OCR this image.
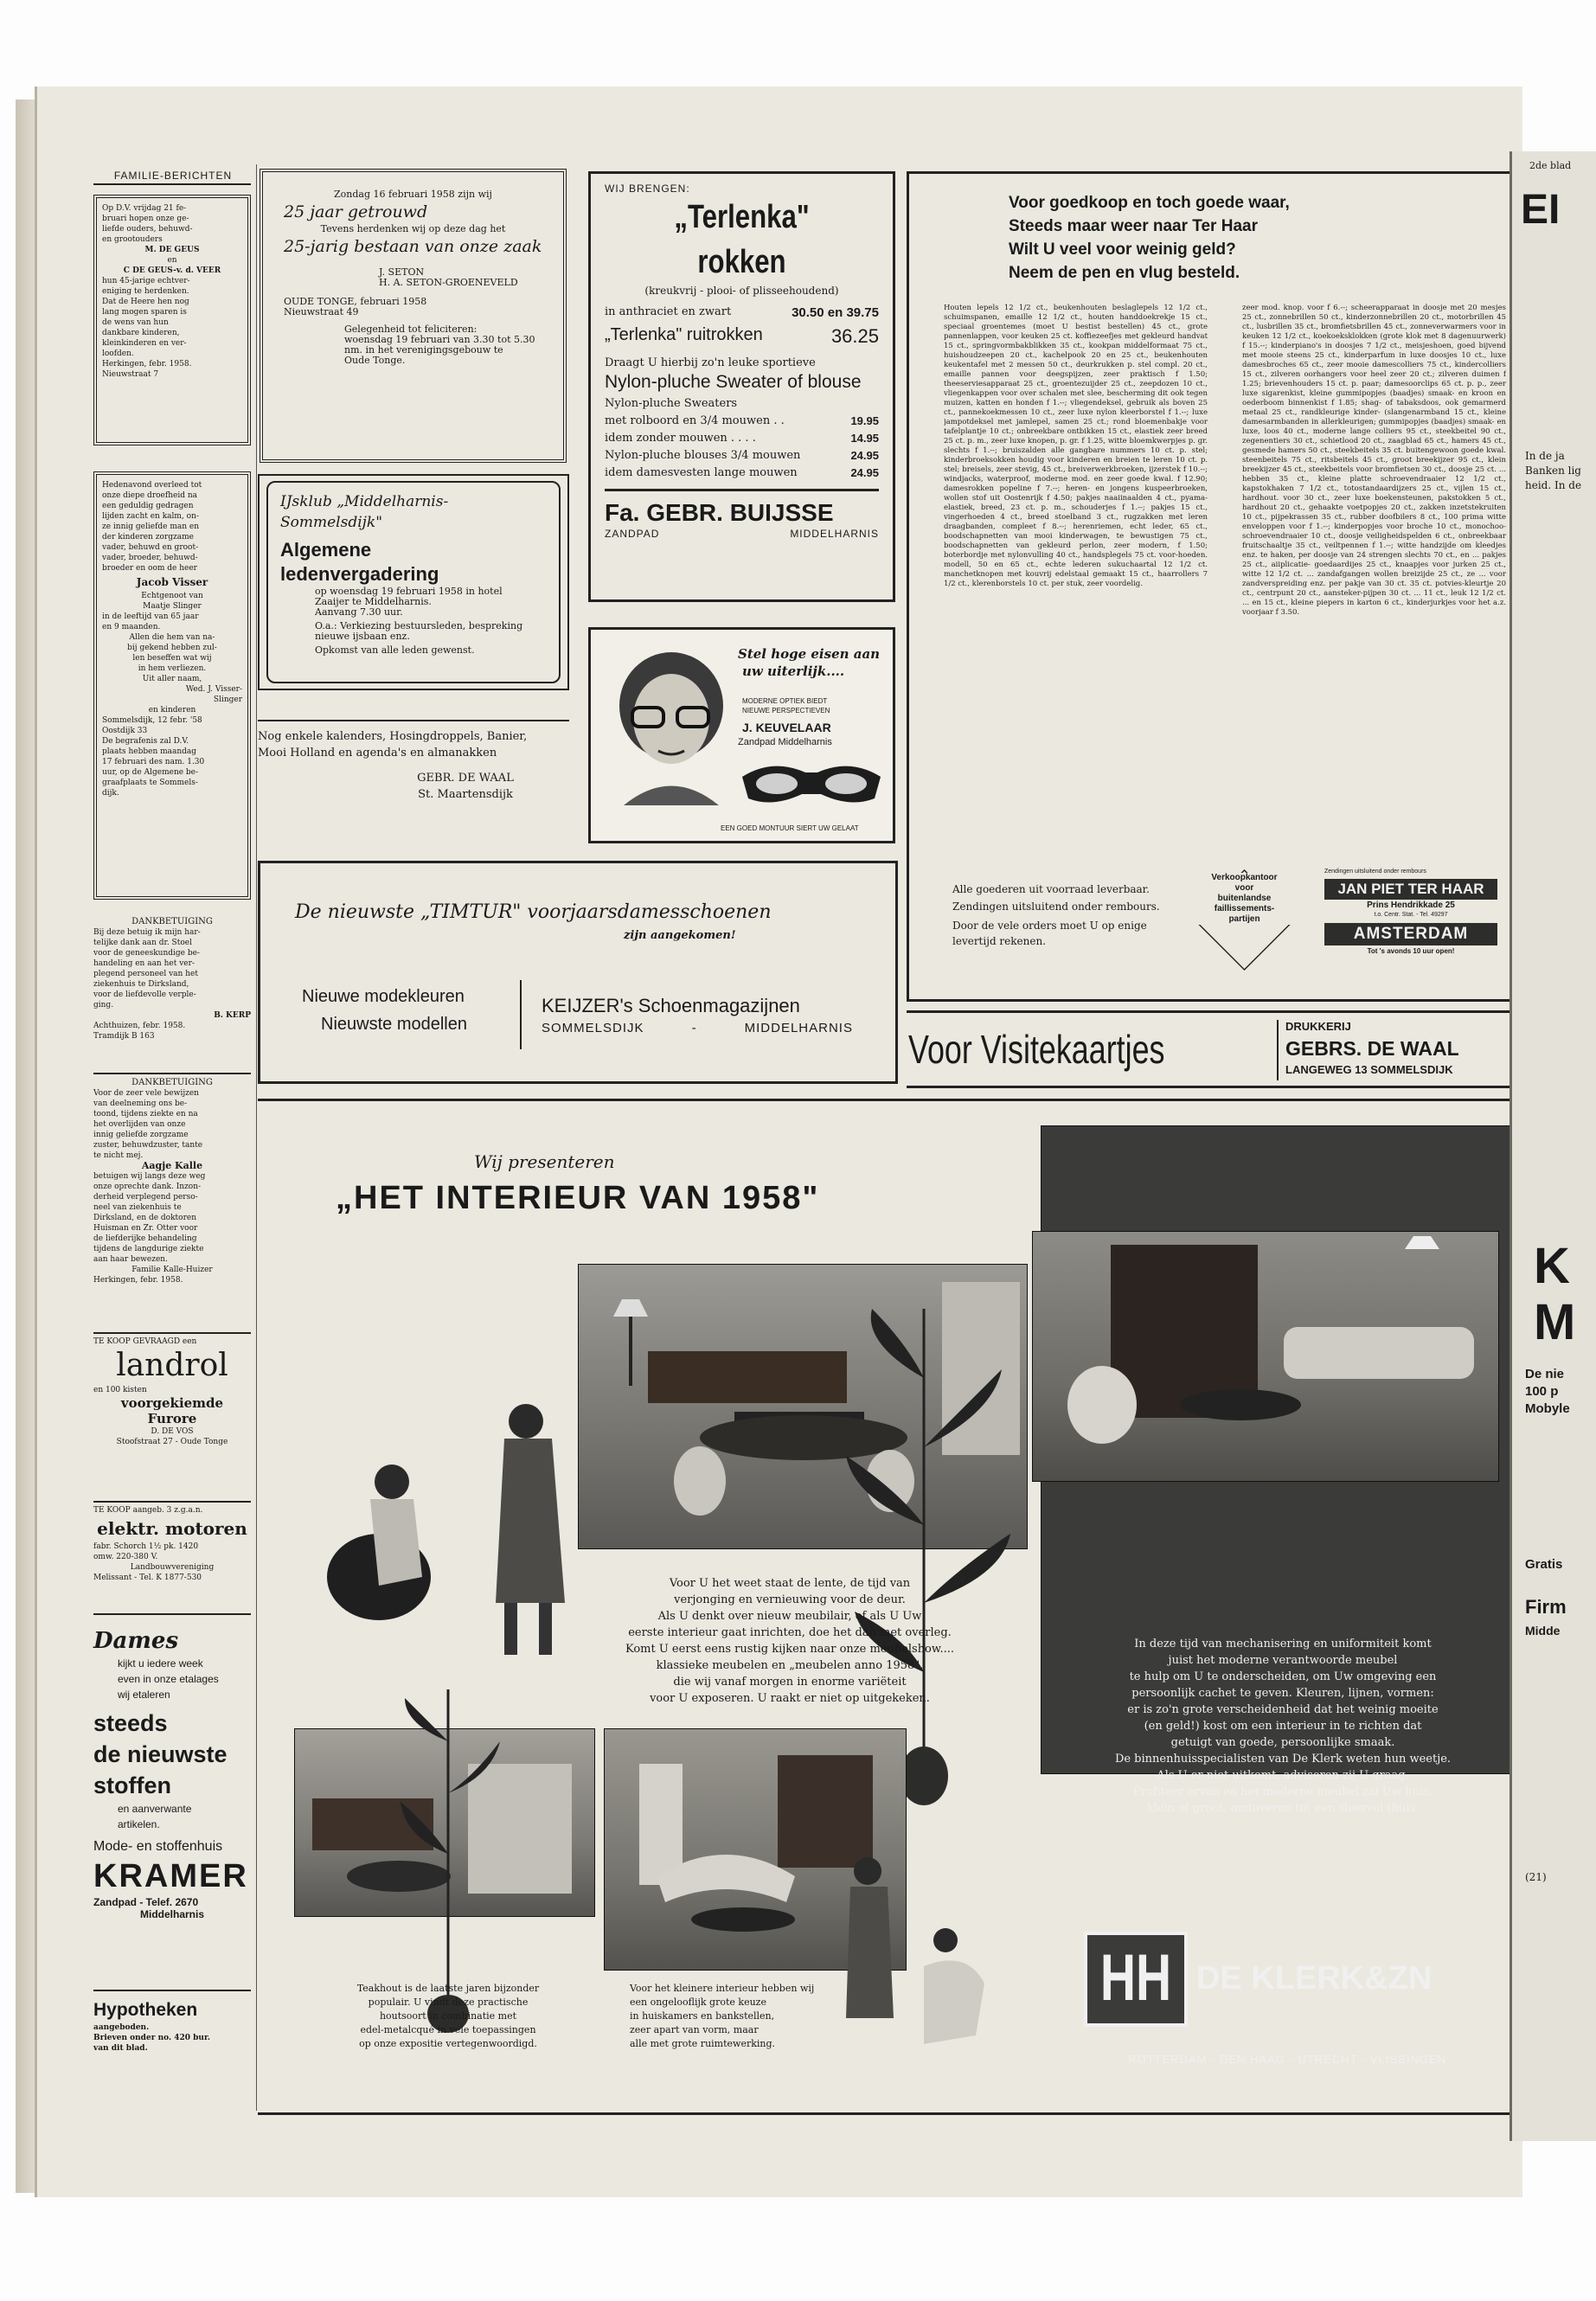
FAMILIE-BERICHTEN
Op D.V. vrijdag 21 fe-
bruari hopen onze ge-
liefde ouders, behuwd-
en grootouders
M. DE GEUS
en
C DE GEUS-v. d. VEER
hun 45-jarige echtver-
eniging te herdenken.
Dat de Heere hen nog
lang mogen sparen is
de wens van hun
dankbare kinderen,
kleinkinderen en ver-
loofden.
Herkingen, febr. 1958.
Nieuwstraat 7
Hedenavond overleed tot
onze diepe droefheid na
een geduldig gedragen
lijden zacht en kalm, on-
ze innig geliefde man en
der kinderen zorgzame
vader, behuwd en groot-
vader, broeder, behuwd-
broeder en oom de heer
Jacob Visser
Echtgenoot van
Maatje Slinger
in de leeftijd van 65 jaar
en 9 maanden.
Allen die hem van na-
bij gekend hebben zul-
len beseffen wat wij
in hem verliezen.
Uit aller naam,
Wed. J. Visser-
Slinger
en kinderen
Sommelsdijk, 12 febr. '58
Oostdijk 33
De begrafenis zal D.V.
plaats hebben maandag
17 februari des nam. 1.30
uur, op de Algemene be-
graafplaats te Sommels-
dijk.
DANKBETUIGING
Bij deze betuig ik mijn har-
telijke dank aan dr. Stoel
voor de geneeskundige be-
handeling en aan het ver-
plegend personeel van het
ziekenhuis te Dirksland,
voor de liefdevolle verple-
ging.
B. KERP
Achthuizen, febr. 1958.
Tramdijk B 163
DANKBETUIGING
Voor de zeer vele bewijzen
van deelneming ons be-
toond, tijdens ziekte en na
het overlijden van onze
innig geliefde zorgzame
zuster, behuwdzuster, tante
te nicht mej.
Aagje Kalle
betuigen wij langs deze weg
onze oprechte dank. Inzon-
derheid verplegend perso-
neel van ziekenhuis te
Dirksland, en de doktoren
Huisman en Zr. Otter voor
de liefderijke behandeling
tijdens de langdurige ziekte
aan haar bewezen.
Familie Kalle-Huizer
Herkingen, febr. 1958.
TE KOOP GEVRAAGD een
landrol
en 100 kisten
voorgekiemde
Furore
D. DE VOS
Stoofstraat 27 - Oude Tonge
TE KOOP aangeb. 3 z.g.a.n.
elektr. motoren
fabr. Schorch 1½ pk. 1420
omw. 220-380 V.
Landbouwvereniging
Melissant - Tel. K 1877-530
Dames
kijkt u iedere week
even in onze etalages
wij etaleren
steeds
de nieuwste
stoffen
en aanverwante
artikelen.
Mode- en stoffenhuis
KRAMER
Zandpad - Telef. 2670
Middelharnis
Hypotheken
aangeboden.
Brieven onder no. 420 bur.
van dit blad.
Zondag 16 februari 1958 zijn wij
25 jaar getrouwd
Tevens herdenken wij op deze dag het
25-jarig bestaan van onze zaak
J. SETON
H. A. SETON-GROENEVELD
OUDE TONGE, februari 1958
Nieuwstraat 49
Gelegenheid tot feliciteren:
woensdag 19 februari van 3.30 tot 5.30
nm. in het verenigingsgebouw te
Oude Tonge.
IJsklub „Middelharnis-Sommelsdijk"
Algemene
ledenvergadering
op woensdag 19 februari 1958 in hotel
Zaaijer te Middelharnis.
Aanvang 7.30 uur.
O.a.: Verkiezing bestuursleden, bespreking
nieuwe ijsbaan enz.
Opkomst van alle leden gewenst.
Nog enkele kalenders, Hosingdroppels, Banier,
Mooi Holland en agenda's en almanakken
GEBR. DE WAAL
St. Maartensdijk
WIJ BRENGEN:
„Terlenka" rokken
(kreukvrij - plooi- of plisseehoudend)
in anthraciet en zwart	30.50 en 39.75
„Terlenka" ruitrokken	36.25
Draagt U hierbij zo'n leuke sportieve
Nylon-pluche Sweater of blouse
Nylon-pluche Sweaters
met rolboord en 3/4 mouwen . .	19.95
idem zonder mouwen . . . .	14.95
Nylon-pluche blouses 3/4 mouwen	24.95
idem damesvesten lange mouwen	24.95
Fa. GEBR. BUIJSSE
ZANDPAD	MIDDELHARNIS
Stel hoge eisen aan
uw uiterlijk....
MODERNE OPTIEK BIEDT
NIEUWE PERSPECTIEVEN
J. KEUVELAAR
Zandpad Middelharnis
EEN GOED MONTUUR SIERT UW GELAAT
Voor goedkoop en toch goede waar,
Steeds maar weer naar Ter Haar
Wilt U veel voor weinig geld?
Neem de pen en vlug besteld.
Houten lepels 12 1/2 ct., beukenhouten beslaglepels 12 1/2 ct., schuimspanen, emaille 12 1/2 ct., houten handdoekrekje 15 ct., speciaal groentemes (moet U bestist bestellen) 45 ct., grote pannenlappen, voor keuken 25 ct. koffiezeefjes met gekleurd handvat 15 ct., springvormbakblikken 35 ct., kookpan middelformaat 75 ct., huishoudzeepen 20 ct., kachelpook 20 en 25 ct., beukenhouten keukentafel met 2 messen 50 ct., deurkrukken p. stel compl. 20 ct., emaille pannen voor deegspijzen, zeer praktisch f 1.50; theeserviesapparaat 25 ct., groentezuijder 25 ct., zeepdozen 10 ct., vliegenkappen voor over schalen met slee, bescherming dit ook tegen muizen, katten en honden f 1.--; vliegendeksel, gebruik als boven 25 ct., pannekoekmessen 10 ct., zeer luxe nylon kleerborstel f 1.--; luxe jampotdeksel met jamlepel, samen 25 ct.; rond bloemenbakje voor tafelplantje 10 ct.; onbreekbare ontbikken 15 ct., elastiek zeer breed 25 ct. p. m., zeer luxe knopen, p. gr. f 1.25, witte bloemkwerpjes p. gr. slechts f 1.--; bruiszalden alle gangbare nummers 10 ct. p. stel; kinderbroeksokken houdig voor kinderen en breien te leren 10 ct. p. stel; breisels, zeer stevig, 45 ct., breiverwerkbroeken, ijzerstek f 10.--; windjacks, waterproof, moderne mod. en zeer goede kwal. f 12.90; damesrokken popeline f 7.--; heren- en jongens kuspeerbroeken, wollen stof uit Oostenrijk f 4.50; pakjes naaiinaalden 4 ct., pyama-elastiek, breed, 23 ct. p. m., schouderjes f 1.--; pakjes 15 ct., vingerhoeden 4 ct., breed stoelband 3 ct., rugzakken met leren draagbanden, compleet f 8.--; herenriemen, echt leder, 65 ct., boodschapnetten van mooi kinderwagen, te bewustigen 75 ct., boodschapnetten van gekleurd perlon, zeer modern, f 1.50; boterbordje met nylonvulling 40 ct., handsplegels 75 ct. voor-hoeden. modell, 50 en 65 ct., echte lederen sukuchaartal 12 1/2 ct. manchetknopen met kouvrij edelstaal gemaakt 15 ct., haarrollers 7 1/2 ct., klerenborstels 10 ct. per stuk, zeer voordelig.
zeer mod. knop. voor f 6.--; scheerapparaat in doosje met 20 mesjes 25 ct., zonnebrillen 50 ct., kinderzonnebrillen 20 ct., motorbrillen 45 ct., lusbrillen 35 ct., bromfietsbrillen 45 ct., zonneverwarmers voor in keuken 12 1/2 ct., koekoeksklokken (grote klok met 8 dagenuurwerk) f 15.--; kinderpiano's in doosjes 7 1/2 ct., meisjeshoen, goed bijvend met mooie steens 25 ct., kinderparfum in luxe doosjes 10 ct., luxe damesbroches 65 ct., zeer mooie damescolliers 75 ct., kindercolliers 15 ct., zilveren oorhangers voor heel zeer 20 ct.; zilveren duimen f 1.25; brievenhouders 15 ct. p. paar; damesoorclips 65 ct. p. p., zeer luxe sigarenkist, kleine gummipopjes (baadjes) smaak- en kroon en oederboom binnenkist f 1.85; shag- of tabaksdoos, ook gemarmerd metaal 25 ct., randkleurige kinder- (slangenarmband 15 ct., kleine damesarmbanden in allerkleurigen; gummipopjes (baadjes) smaak- en luxe, loos 40 ct., moderne lange colliers 95 ct., steekbeitel 90 ct., zegenentiers 30 ct., schietlood 20 ct., zaagblad 65 ct., hamers 45 ct., gesmede hamers 50 ct., steekbeitels 35 ct. buitengewoon goede kwal. steenbeitels 75 ct., ritsbeitels 45 ct., groot breekijzer 95 ct., klein breekijzer 45 ct., steekbeitels voor bromfietsen 30 ct., doosje 25 ct. ... hebben 35 ct., kleine platte schroevendraaier 12 1/2 ct., kapstokhaken 7 1/2 ct., totostandaardijzers 25 ct., vijlen 15 ct., hardhout. voor 30 ct., zeer luxe boekensteunen, pakstokken 5 ct., hardhout 20 ct., gehaakte voetpopjes 20 ct., zakken inzetstekruiten 10 ct., pijpekrassen 35 ct., rubber doofbilers 8 ct., 100 prima witte enveloppen voor f 1.--; kinderpopjes voor broche 10 ct., monochoo- schroevendraaier 10 ct., doosje veiligheidspelden 6 ct., onbreekbaar fruitschaaltje 35 ct., veiltpennen f 1.--; witte handzijde om kleedjes enz. te haken, per doosje van 24 strengen slechts 70 ct., en ... pakjes 25 ct., aiiplicatie- goedaardijes 25 ct., knaapjes voor jurken 25 ct., witte 12 1/2 ct. ... zandafgangen wollen breizijde 25 ct., ze ... voor zandverspreiding enz. per pakje van 30 ct. 35 ct. potvies-kleurtje 20 ct., centrpunt 20 ct., aansteker-pijpen 30 ct. ... 11 ct., leuk 12 1/2 ct. ... en 15 ct., kleine piepers in karton 6 ct., kinderjurkjes voor het a.z. voorjaar f 3.50.
Alle goederen uit voorraad leverbaar.
Zendingen uitsluitend onder rembours.
Door de vele orders moet U op enige
levertijd rekenen.
Verkoopkantoor
voor
buitenlandse
faillissements-
partijen
Zendingen uitsluitend onder rembours
JAN PIET TER HAAR
Prins Hendrikkade 25
t.o. Centr. Stat. - Tel. 49297
AMSTERDAM
Tot 's avonds 10 uur open!
De nieuwste „TIMTUR" voorjaarsdamesschoenen
zijn aangekomen!
Nieuwe modekleuren
Nieuwste modellen
KEIJZER's Schoenmagazijnen
SOMMELSDIJK	-	MIDDELHARNIS Voor Visitekaartjes
DRUKKERIJ
GEBRS. DE WAAL
LANGEWEG 13 SOMMELSDIJK
Wij presenteren
„HET INTERIEUR VAN 1958"
Voor U het weet staat de lente, de tijd van
verjonging en vernieuwing voor de deur.
Als U denkt over nieuw meubilair, of als U Uw
eerste interieur gaat inrichten, doe het dan met overleg.
Komt U eerst eens rustig kijken naar onze meubelshow....
klassieke meubelen en „meubelen anno 1958",
die wij vanaf morgen in enorme variëteit
voor U exposeren. U raakt er niet op uitgekeken.
In deze tijd van mechanisering en uniformiteit komt
juist het moderne verantwoorde meubel
te hulp om U te onderscheiden, om Uw omgeving een
persoonlijk cachet te geven. Kleuren, lijnen, vormen:
er is zo'n grote verscheidenheid dat het weinig moeite
(en geld!) kost om een interieur in te richten dat
getuigt van goede, persoonlijke smaak.
De binnenhuisspecialisten van De Klerk weten hun weetje.
Als U er niet uitkomt, adviseren zij U graag.
Profiteer ervan en het moderne meubel zal Uw huis,
klein of groot, omtoveren tot een sleervol thuis.
Teakhout is de laatste jaren bijzonder
populair. U vindt deze practische
houtsoort in combinatie met
edel-metalcqué in vele toepassingen
op onze expositie vertegenwoordigd.
Voor het kleinere interieur hebben wij
een ongelooflijk grote keuze
in huiskamers en bankstellen,
zeer apart van vorm, maar
alle met grote ruimtewerking.
HH DE KLERK&ZN
ROTTERDAM - DEN HAAG - UTRECHT - VLISSINGEN
2de blad
EI
In de ja
Banken lig
heid. In de
K
M
De nie
100 p
Mobyle
Gratis
Firm
Midde
(21)
